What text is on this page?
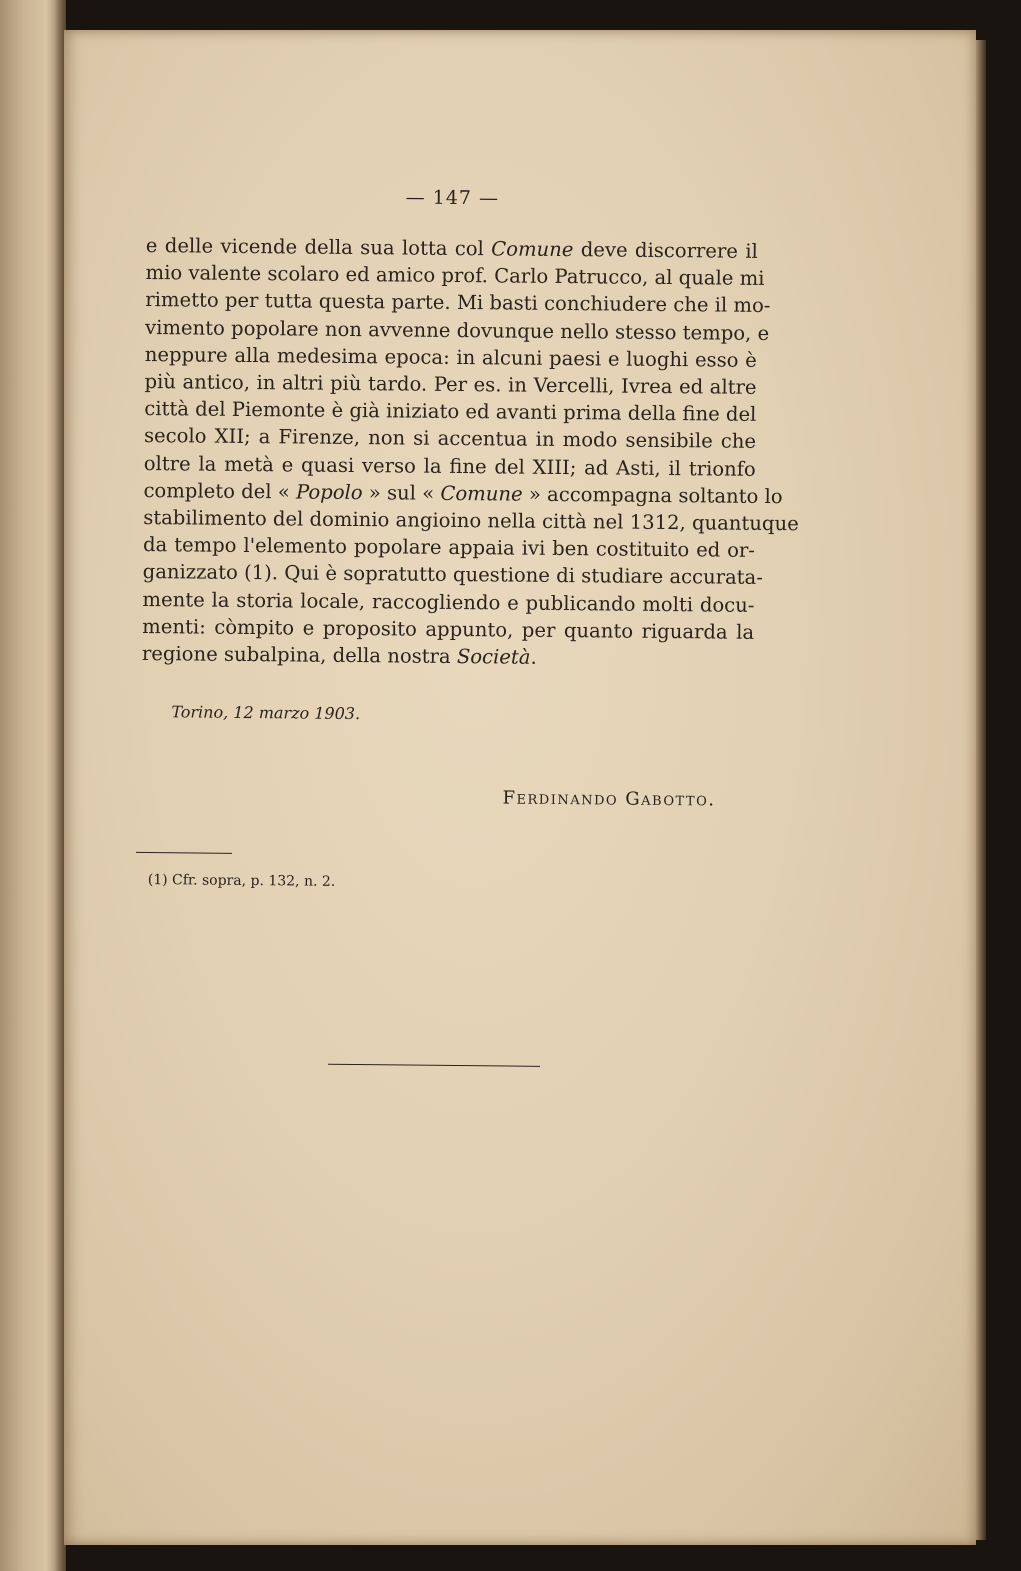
— 147 —

e delle vicende della sua lotta col Comune deve discorrere il
mio valente scolaro ed amico prof. Carlo Patrucco, al quale mi
rimetto per tutta questa parte. Mi basti conchiudere che il mo-
vimento popolare non avvenne dovunque nello stesso tempo, e
neppure alla medesima epoca: in alcuni paesi e luoghi esso è
più antico, in altri più tardo. Per es. in Vercelli, Ivrea ed altre
città del Piemonte è già iniziato ed avanti prima della fine del
secolo XII; a Firenze, non si accentua in modo sensibile che
oltre la metà e quasi verso la fine del XIII; ad Asti, il trionfo
completo del « Popolo » sul « Comune » accompagna soltanto lo
stabilimento del dominio angioino nella città nel 1312, quantuque
da tempo l'elemento popolare appaia ivi ben costituito ed or-
ganizzato (1). Qui è sopratutto questione di studiare accurata-
mente la storia locale, raccogliendo e publicando molti docu-
menti: còmpito e proposito appunto, per quanto riguarda la
regione subalpina, della nostra Società.

Torino, 12 marzo 1903.
Ferdinando Gabotto.
(1) Cfr. sopra, p. 132, n. 2.
